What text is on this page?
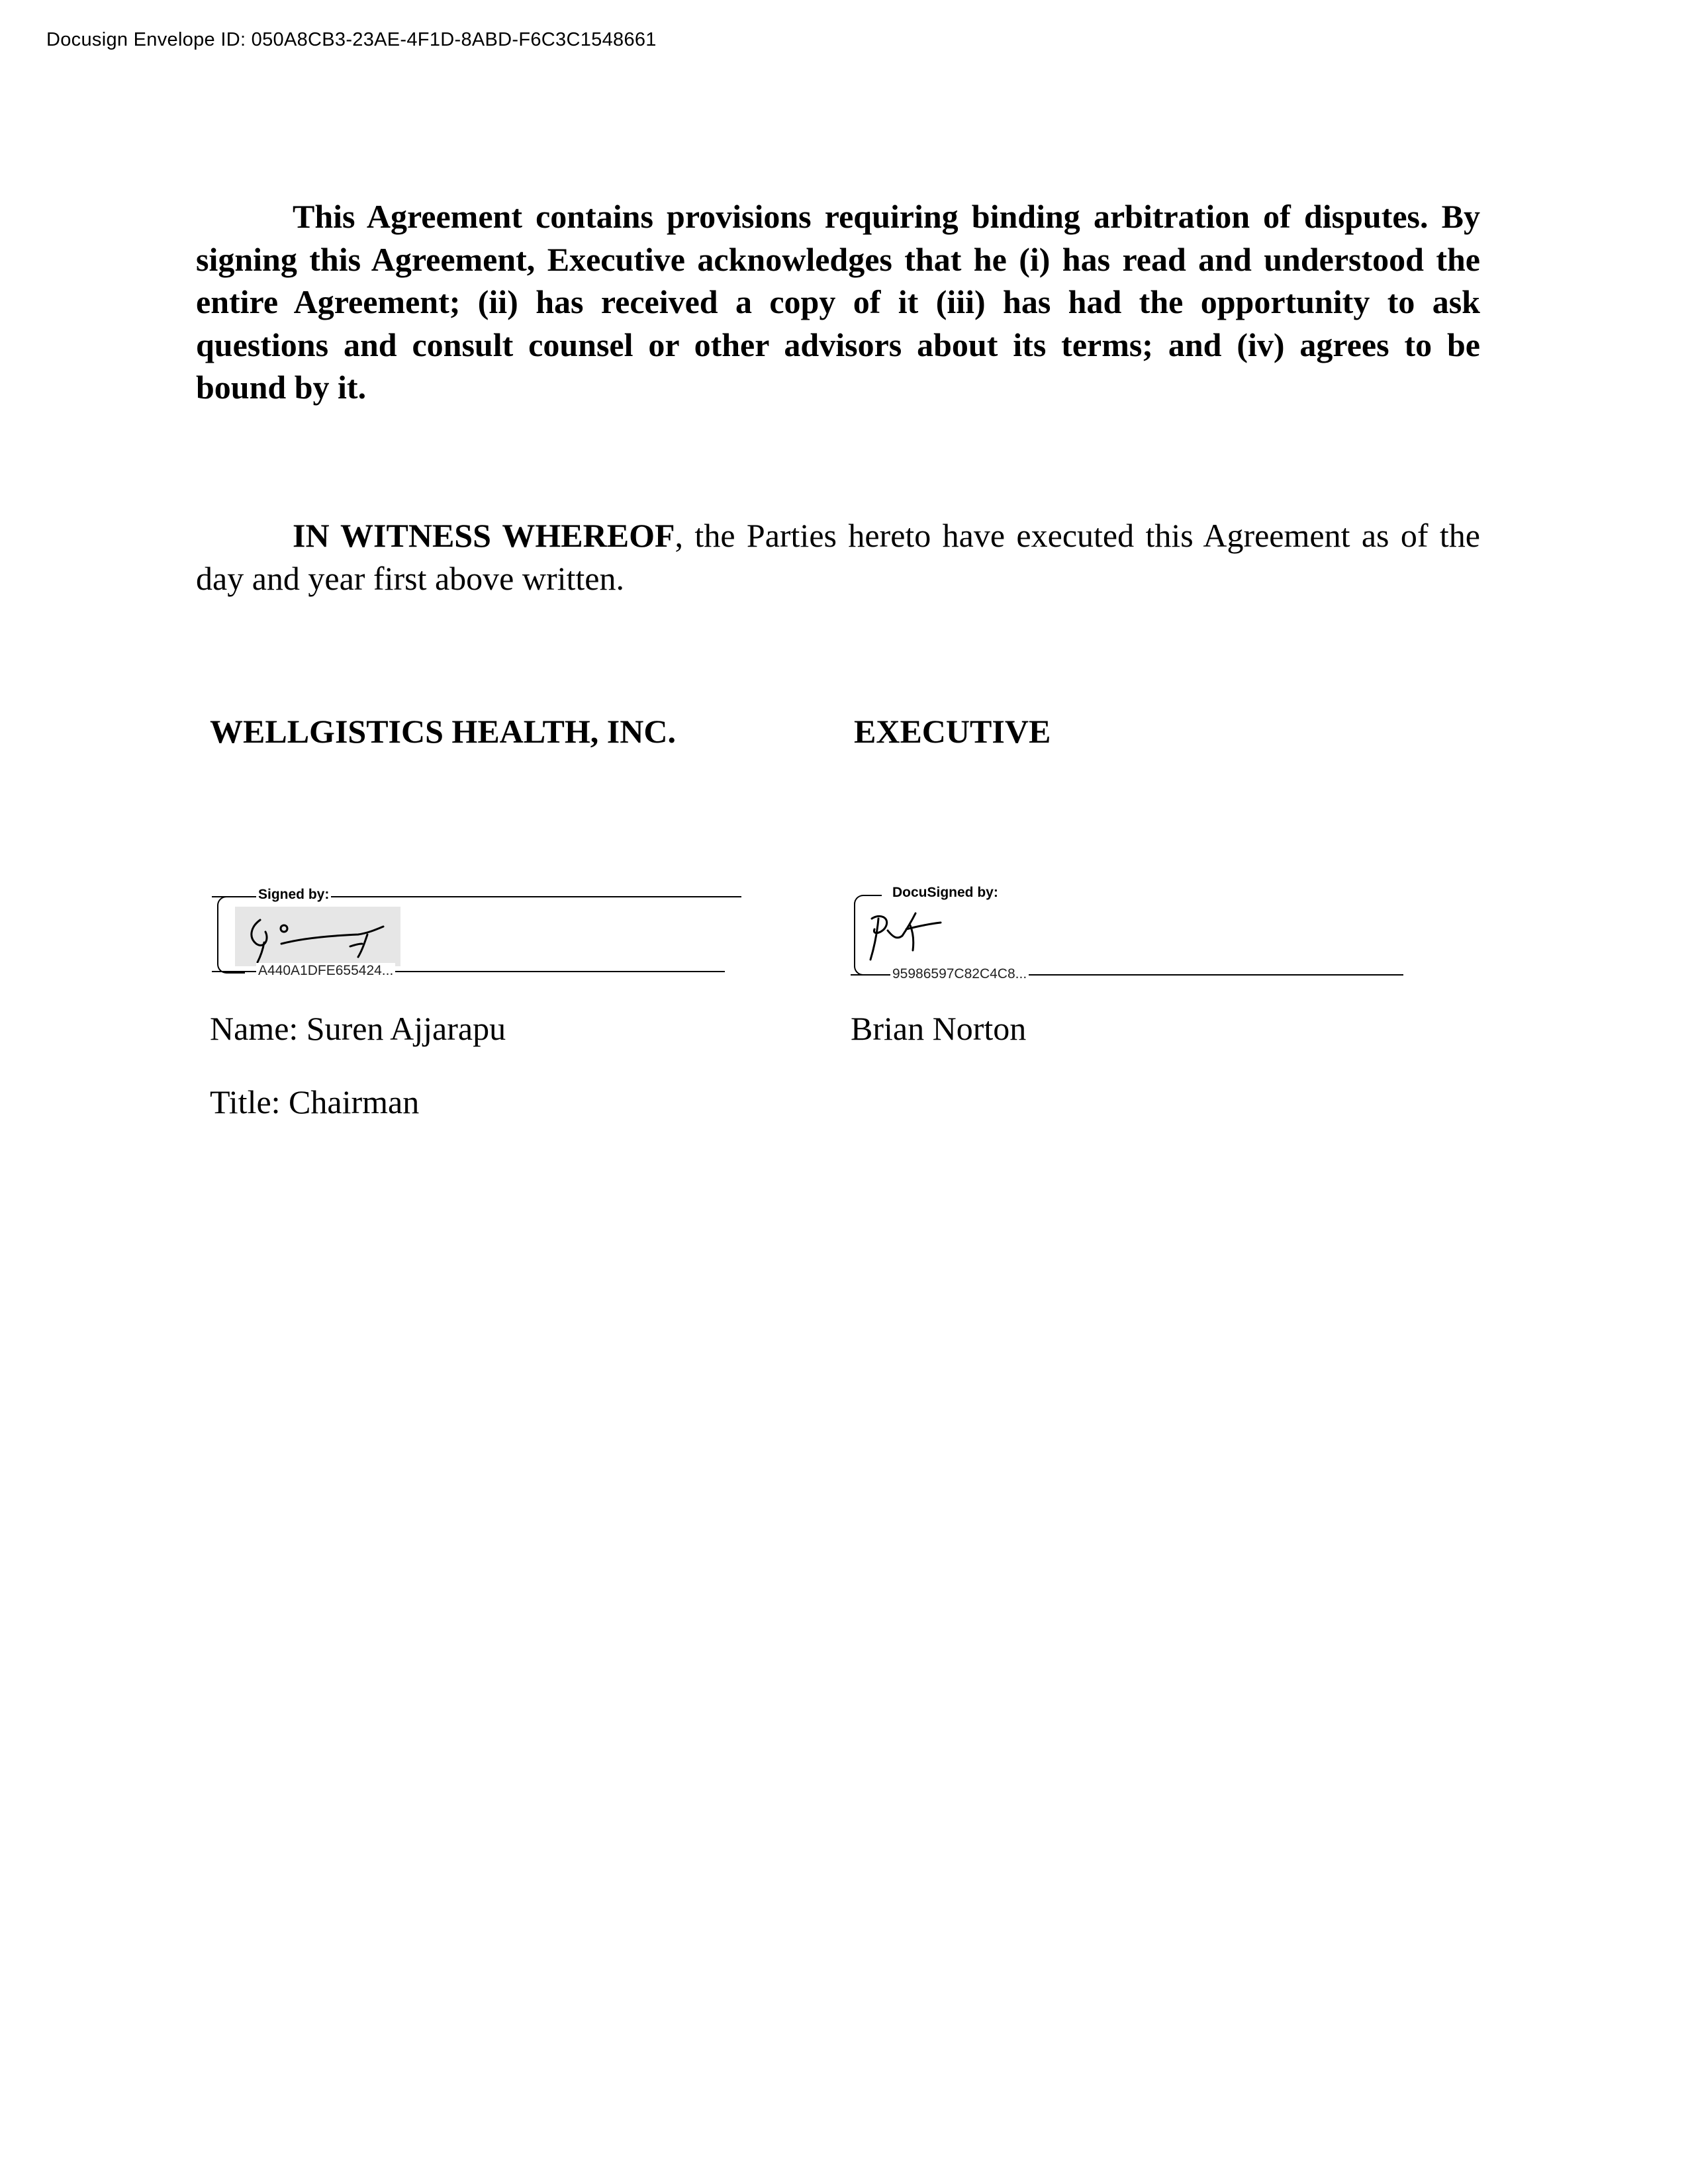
Docusign Envelope ID: 050A8CB3-23AE-4F1D-8ABD-F6C3C1548661

This Agreement contains provisions requiring binding arbitration of disputes. By signing this Agreement, Executive acknowledges that he (i) has read and understood the entire Agreement; (ii) has received a copy of it (iii) has had the opportunity to ask questions and consult counsel or other advisors about its terms; and (iv) agrees to be bound by it.

IN WITNESS WHEREOF, the Parties hereto have executed this Agreement as of the day and year first above written.

WELLGISTICS HEALTH, INC.	EXECUTIVE
Signed by:
A440A1DFE655424...
DocuSigned by:
95986597C82C4C8...
Name: Suren Ajjarapu
Title: Chairman
Brian Norton
